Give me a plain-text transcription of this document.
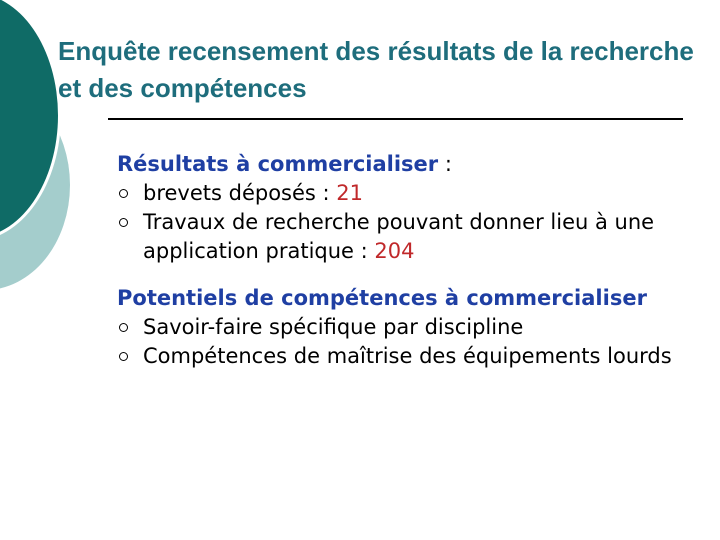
Enquête recensement des résultats de la recherche et des compétences

Résultats à commercialiser :

brevets déposés : 21
Travaux de recherche pouvant donner lieu à une application pratique : 204

Potentiels de compétences à commercialiser

Savoir-faire spécifique par discipline
Compétences de maîtrise des équipements lourds
